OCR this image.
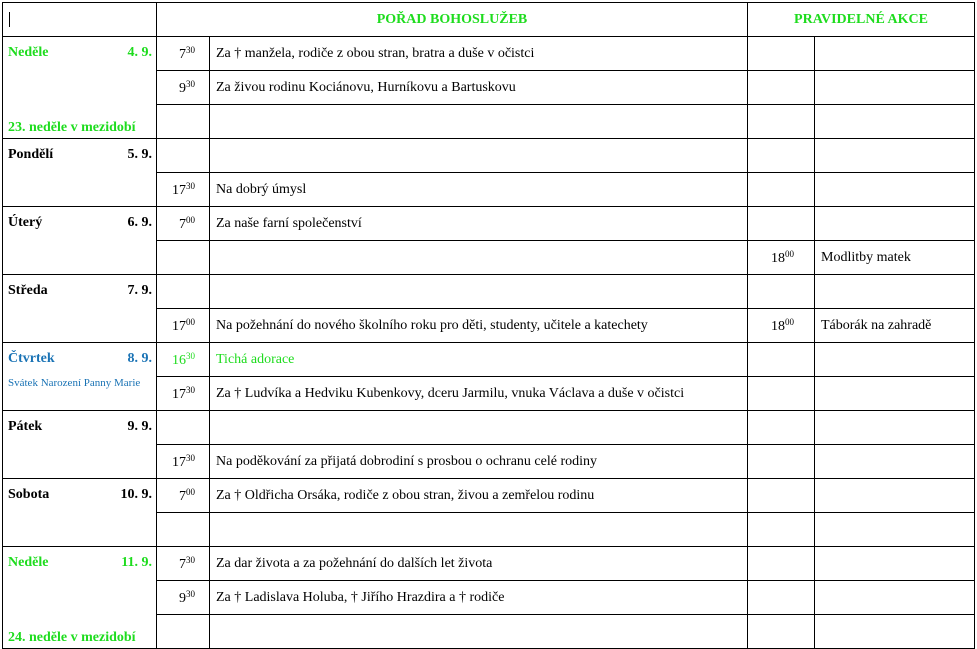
	POŘAD BOHOSLUŽEB		PRAVIDELNÉ AKCE	

Neděle 4. 9.
23. neděle v mezidobí	$7^{30}$	Za † manžela, rodiče z obou stran, bratra a duše v očistci		
	$9^{30}$	Za živou rodinu Kociánovu, Hurníkovu a Bartuskovu		

Pondělí 5. 9.				

	$17^{30}$	Na dobrý úmysl		

Úterý 6. 9.	$7^{00}$	Za naše farní společenství		
			$18^{00}$	Modlitby matek

Středa 7. 9.				

	$17^{00}$	Na požehnání do nového školního roku pro děti, studenty, učitele a katechety	$18^{00}$	Táborák na zahradě

Čtvrtek 8. 9.
Svátek Narození Panny Marie	$16^{30}$	Tichá adorace		
	$17^{30}$	Za † Ludvíka a Hedviku Kubenkovy, dceru Jarmilu, vnuka Václava a duše v očistci		

Pátek 9. 9.				

	$17^{30}$	Na poděkování za přijatá dobrodiní s prosbou o ochranu celé rodiny		

Sobota 10. 9.	$7^{00}$	Za † Oldřicha Orsáka, rodiče z obou stran, živou a zemřelou rodinu		

Neděle 11. 9.
24. neděle v mezidobí	$7^{30}$	Za dar života a za požehnání do dalších let života		
	$9^{30}$	Za † Ladislava Holuba, † Jiřího Hrazdira a † rodiče		
